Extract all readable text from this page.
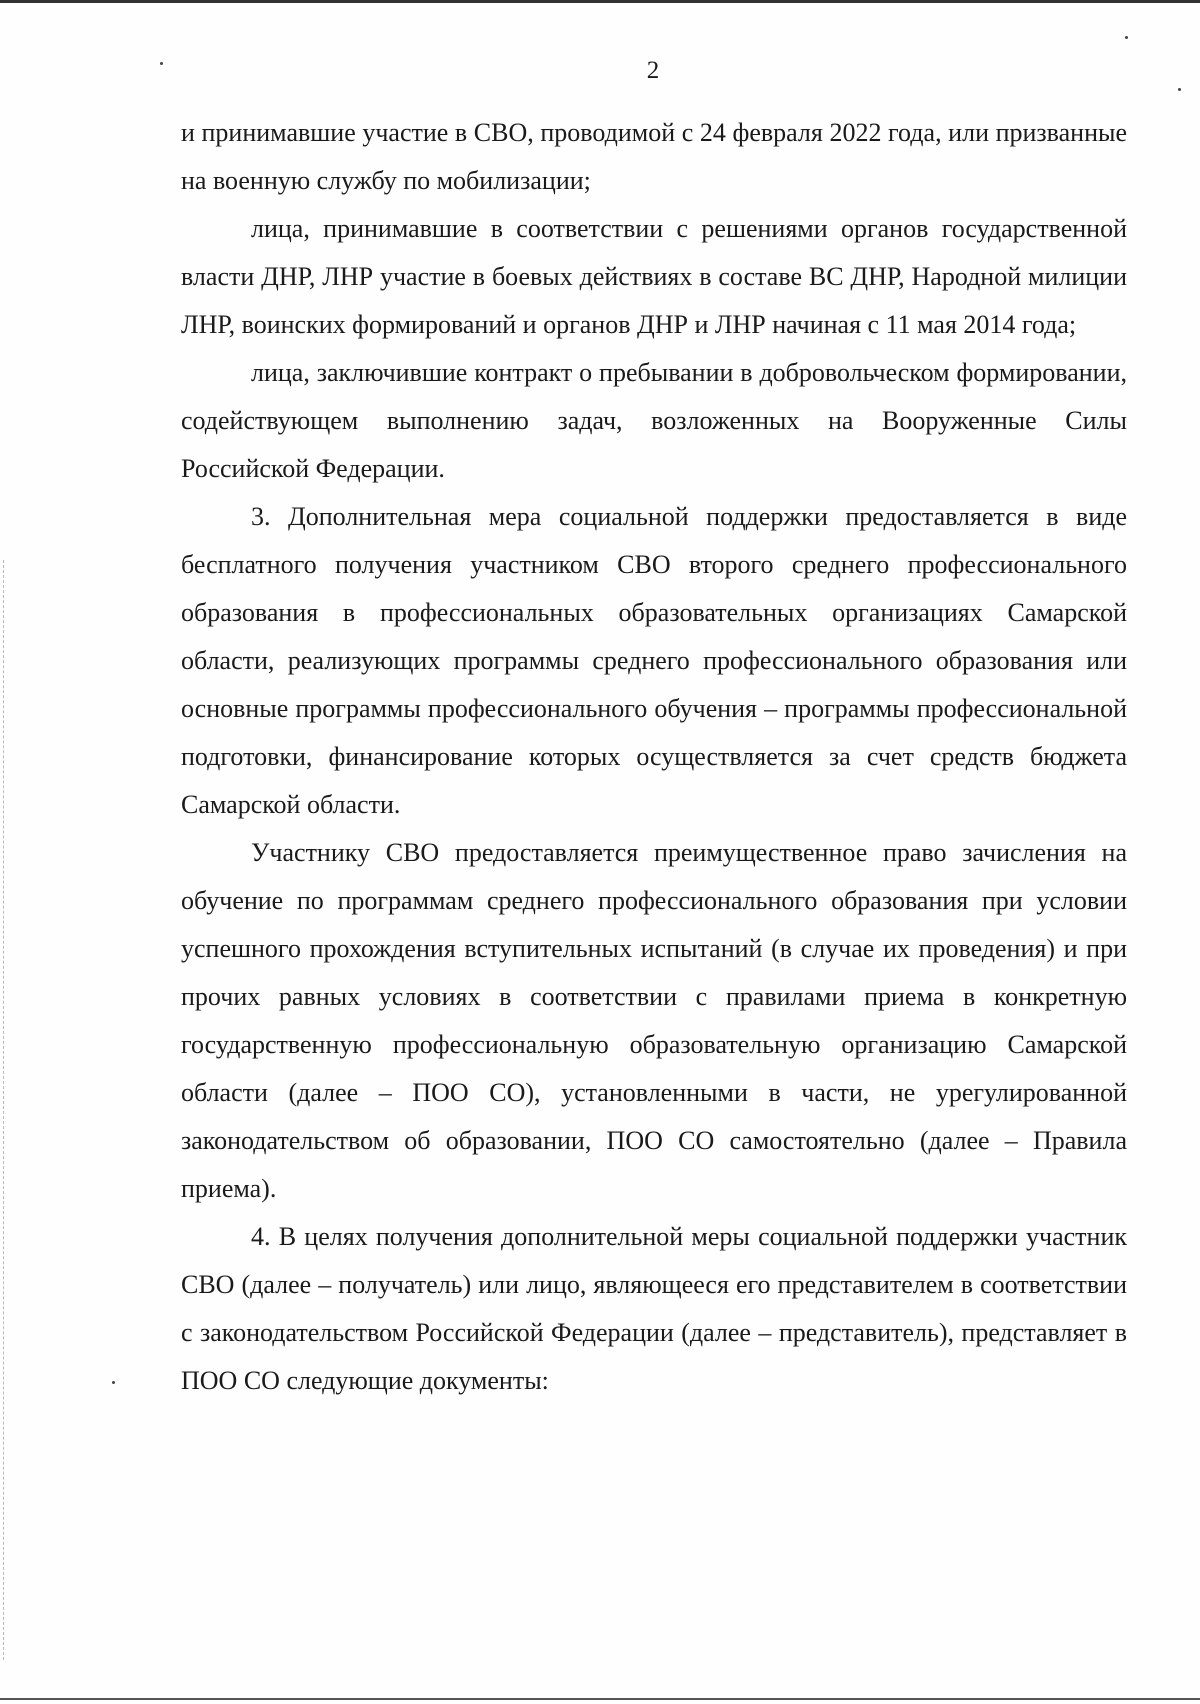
2

и принимавшие участие в СВО, проводимой с 24 февраля 2022 года, или призванные на военную службу по мобилизации;

лица, принимавшие в соответствии с решениями органов государственной власти ДНР, ЛНР участие в боевых действиях в составе ВС ДНР, Народной милиции ЛНР, воинских формирований и органов ДНР и ЛНР начиная с 11 мая 2014 года;

лица, заключившие контракт о пребывании в добровольческом формировании, содействующем выполнению задач, возложенных на Вооруженные Силы Российской Федерации.

3. Дополнительная мера социальной поддержки предоставляется в виде бесплатного получения участником СВО второго среднего профессионального образования в профессиональных образовательных организациях Самарской области, реализующих программы среднего профессионального образования или основные программы профессионального обучения – программы профессиональной подготовки, финансирование которых осуществляется за счет средств бюджета Самарской области.

Участнику СВО предоставляется преимущественное право зачисления на обучение по программам среднего профессионального образования при условии успешного прохождения вступительных испытаний (в случае их проведения) и при прочих равных условиях в соответствии с правилами приема в конкретную государственную профессиональную образовательную организацию Самарской области (далее – ПОО СО), установленными в части, не урегулированной законодательством об образовании, ПОО СО самостоятельно (далее – Правила приема).

4. В целях получения дополнительной меры социальной поддержки участник СВО (далее – получатель) или лицо, являющееся его представителем в соответствии с законодательством Российской Федерации (далее – представитель), представляет в ПОО СО следующие документы:
